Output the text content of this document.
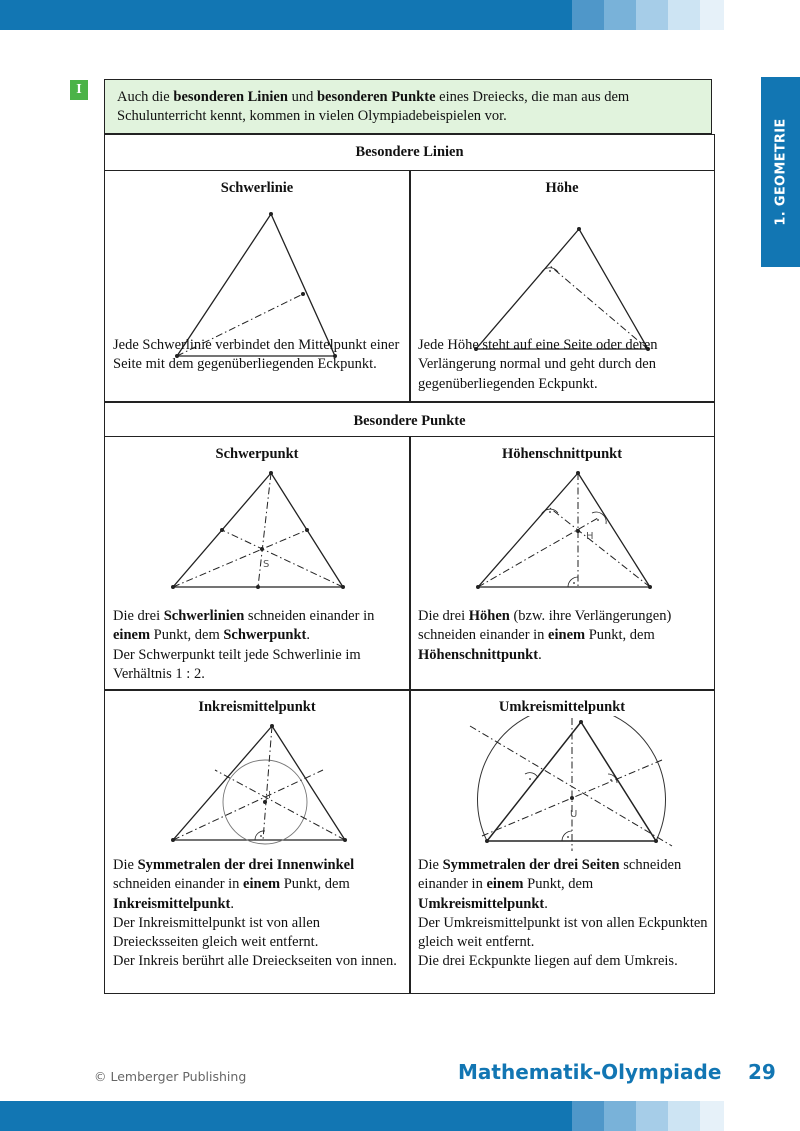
1. GEOMETRIE
I	Auch die besonderen Linien und besonderen Punkte eines Dreiecks, die man aus dem Schulunterricht kennt, kommen in vielen Olympiadebeispielen vor.
Besondere Linien
Schwerlinie
Jede Schwerlinie verbindet den Mittelpunkt einer Seite mit dem gegenüberliegenden Eckpunkt.
Höhe
Jede Höhe steht auf eine Seite oder deren Verlängerung normal und geht durch den gegenüberliegenden Eckpunkt.
Besondere Punkte
Schwerpunkt
S
Die drei Schwerlinien schneiden einander in einem Punkt, dem Schwerpunkt.
Der Schwerpunkt teilt jede Schwerlinie im Verhältnis 1 : 2.
Höhenschnittpunkt
H
Die drei Höhen (bzw. ihre Verlängerungen) schneiden einander in einem Punkt, dem Höhenschnittpunkt.
Inkreismittelpunkt
I
Die Symmetralen der drei Innenwinkel schneiden einander in einem Punkt, dem Inkreismittelpunkt.
Der Inkreismittelpunkt ist von allen Dreiecksseiten gleich weit entfernt.
Der Inkreis berührt alle Dreieckseiten von innen.
Umkreismittelpunkt
U
Die Symmetralen der drei Seiten schneiden einander in einem Punkt, dem Umkreismittelpunkt.
Der Umkreismittelpunkt ist von allen Eckpunkten gleich weit entfernt.
Die drei Eckpunkte liegen auf dem Umkreis.
© Lemberger Publishing	Mathematik-Olympiade 29
